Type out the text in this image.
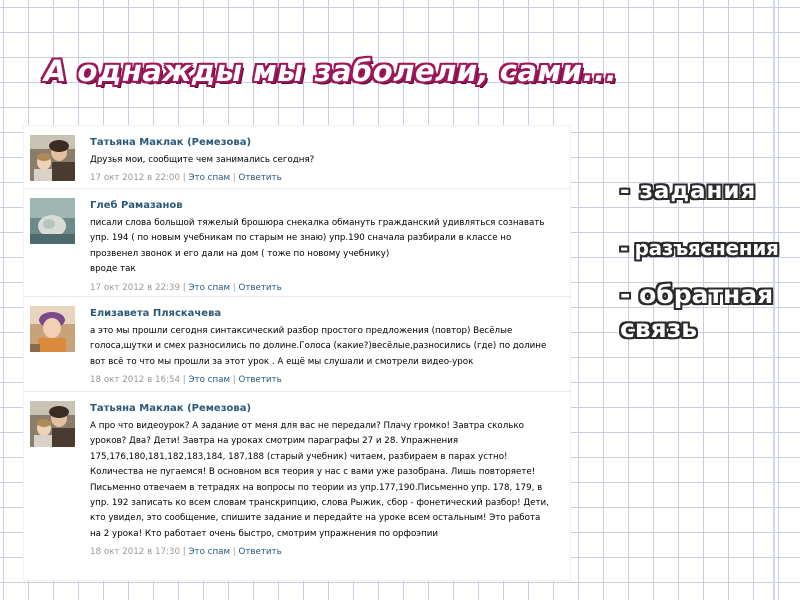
А однажды мы заболели, сами...
- задания
- разъяснения
- обратная связь
Татьяна Маклак (Ремезова)
Друзья мои, сообщите чем занимались сегодня?
17 окт 2012 в 22:00 | Это спам | Ответить
Глеб Рамазанов
писали слова большой тяжелый брошюра снекалка обмануть гражданский удивляться сознавать
упр. 194 ( по новым учебникам по старым не знаю) упр.190 сначала разбирали в классе но
прозвенел звонок и его дали на дом ( тоже по новому учебнику)
вроде так
17 окт 2012 в 22:39 | Это спам | Ответить
Елизавета Пляскачева
а это мы прошли сегодня синтаксический разбор простого предложения (повтор) Весёлые
голоса,шутки и смех разносились по долине.Голоса (какие?)весёлые,разносились (где) по долине
вот всё то что мы прошли за этот урок . А ещё мы слушали и смотрели видео-урок
18 окт 2012 в 16:54 | Это спам | Ответить
Татьяна Маклак (Ремезова)
А про что видеоурок? А задание от меня для вас не передали? Плачу громко! Завтра сколько
уроков? Два? Дети! Завтра на уроках смотрим параграфы 27 и 28. Упражнения
175,176,180,181,182,183,184, 187,188 (старый учебник) читаем, разбираем в парах устно!
Количества не пугаемся! В основном вся теория у нас с вами уже разобрана. Лишь повторяете!
Письменно отвечаем в тетрадях на вопросы по теории из упр.177,190.Письменно упр. 178, 179, в
упр. 192 записать ко всем словам транскрипцию, слова Рыжик, сбор - фонетический разбор! Дети,
кто увидел, это сообщение, спишите задание и передайте на уроке всем остальным! Это работа
на 2 урока! Кто работает очень быстро, смотрим упражнения по орфоэпии
18 окт 2012 в 17:30 | Это спам | Ответить
